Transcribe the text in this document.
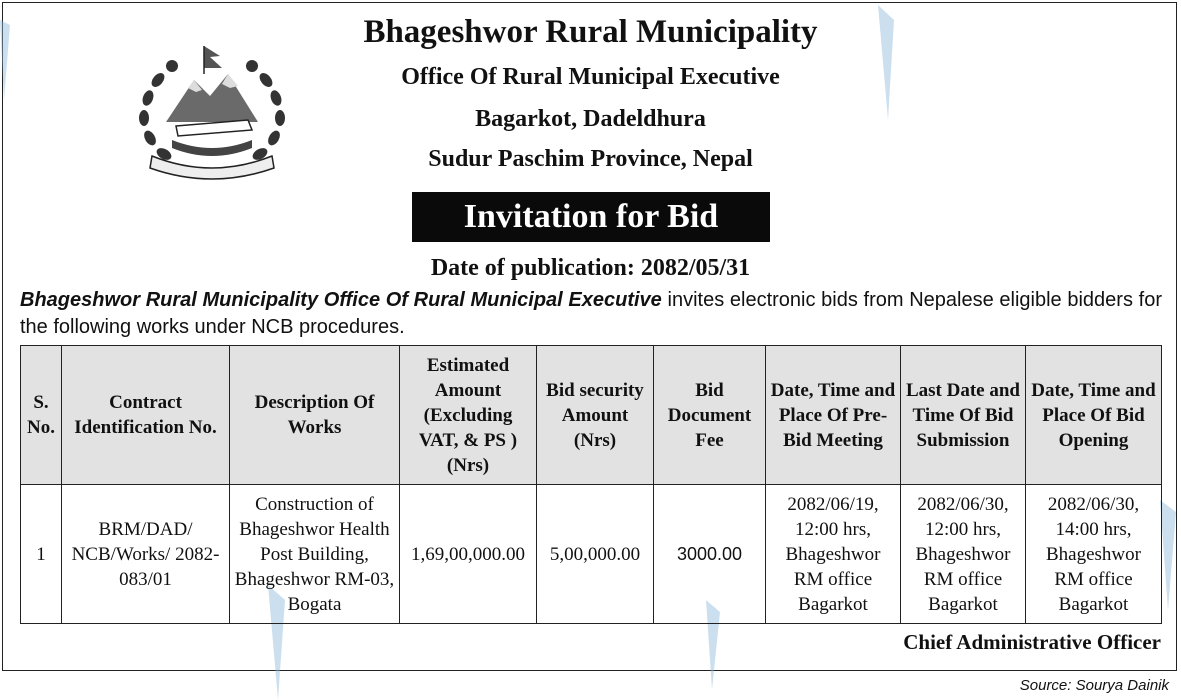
Bhageshwor Rural Municipality
Office Of Rural Municipal Executive
Bagarkot, Dadeldhura
Sudur Paschim Province, Nepal
Invitation for Bid
Date of publication: 2082/05/31
Bhageshwor Rural Municipality Office Of Rural Municipal Executive invites electronic bids from Nepalese eligible bidders for the following works under NCB procedures.
S. No.	Contract Identification No.	Description Of Works	Estimated Amount (Excluding VAT, & PS ) (Nrs)	Bid security Amount (Nrs)	Bid Document Fee	Date, Time and Place Of Pre-Bid Meeting	Last Date and Time Of Bid Submission	Date, Time and Place Of Bid Opening
1	BRM/DAD/ NCB/Works/ 2082-083/01	Construction of Bhageshwor Health Post Building, Bhageshwor RM-03, Bogata	1,69,00,000.00	5,00,000.00	3000.00	2082/06/19, 12:00 hrs, Bhageshwor RM office Bagarkot	2082/06/30, 12:00 hrs, Bhageshwor RM office Bagarkot	2082/06/30, 14:00 hrs, Bhageshwor RM office Bagarkot
Chief Administrative Officer
Source: Sourya Dainik
